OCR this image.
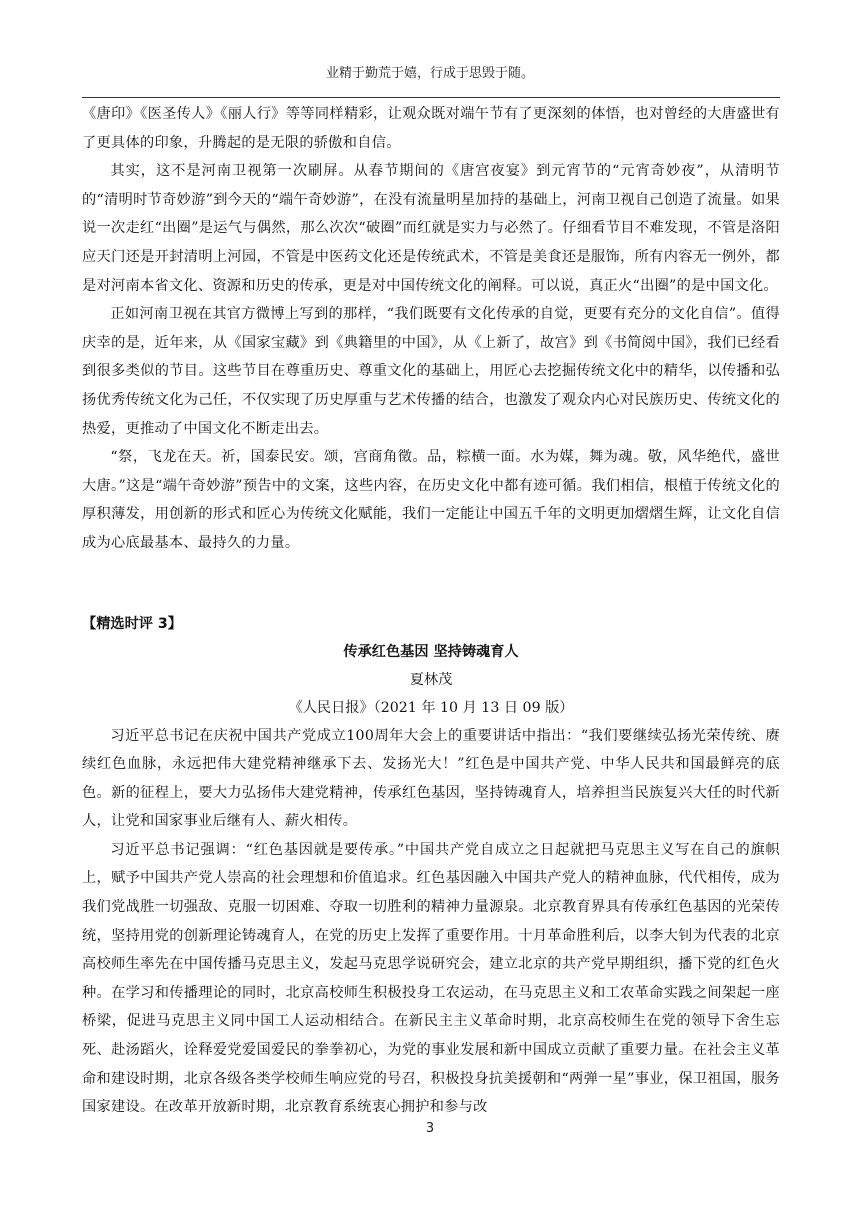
业精于勤荒于嬉，行成于思毁于随。

《唐印》《医圣传人》《丽人行》等等同样精彩，让观众既对端午节有了更深刻的体悟，也对曾经的大唐盛世有了更具体的印象，升腾起的是无限的骄傲和自信。

其实，这不是河南卫视第一次刷屏。从春节期间的《唐宫夜宴》到元宵节的“元宵奇妙夜”，从清明节的“清明时节奇妙游”到今天的“端午奇妙游”，在没有流量明星加持的基础上，河南卫视自己创造了流量。如果说一次走红“出圈”是运气与偶然，那么次次“破圈”而红就是实力与必然了。仔细看节目不难发现，不管是洛阳应天门还是开封清明上河园，不管是中医药文化还是传统武术，不管是美食还是服饰，所有内容无一例外，都是对河南本省文化、资源和历史的传承，更是对中国传统文化的阐释。可以说，真正火“出圈”的是中国文化。

正如河南卫视在其官方微博上写到的那样，“我们既要有文化传承的自觉，更要有充分的文化自信”。值得庆幸的是，近年来，从《国家宝藏》到《典籍里的中国》，从《上新了，故宫》到《书简阅中国》，我们已经看到很多类似的节目。这些节目在尊重历史、尊重文化的基础上，用匠心去挖掘传统文化中的精华，以传播和弘扬优秀传统文化为己任，不仅实现了历史厚重与艺术传播的结合，也激发了观众内心对民族历史、传统文化的热爱，更推动了中国文化不断走出去。

“祭，飞龙在天。祈，国泰民安。颂，宫商角徵。品，粽横一面。水为媒，舞为魂。敬，风华绝代，盛世大唐。”这是“端午奇妙游”预告中的文案，这些内容，在历史文化中都有迹可循。我们相信，根植于传统文化的厚积薄发，用创新的形式和匠心为传统文化赋能，我们一定能让中国五千年的文明更加熠熠生辉，让文化自信成为心底最基本、最持久的力量。

【精选时评 3】

传承红色基因 坚持铸魂育人

夏林茂

《人民日报》（2021 年 10 月 13 日 09 版）

习近平总书记在庆祝中国共产党成立100周年大会上的重要讲话中指出：“我们要继续弘扬光荣传统、赓续红色血脉，永远把伟大建党精神继承下去、发扬光大！”红色是中国共产党、中华人民共和国最鲜亮的底色。新的征程上，要大力弘扬伟大建党精神，传承红色基因，坚持铸魂育人，培养担当民族复兴大任的时代新人，让党和国家事业后继有人、薪火相传。

习近平总书记强调：“红色基因就是要传承。”中国共产党自成立之日起就把马克思主义写在自己的旗帜上，赋予中国共产党人崇高的社会理想和价值追求。红色基因融入中国共产党人的精神血脉，代代相传，成为我们党战胜一切强敌、克服一切困难、夺取一切胜利的精神力量源泉。北京教育界具有传承红色基因的光荣传统，坚持用党的创新理论铸魂育人，在党的历史上发挥了重要作用。十月革命胜利后，以李大钊为代表的北京高校师生率先在中国传播马克思主义，发起马克思学说研究会，建立北京的共产党早期组织，播下党的红色火种。在学习和传播理论的同时，北京高校师生积极投身工农运动，在马克思主义和工农革命实践之间架起一座桥梁，促进马克思主义同中国工人运动相结合。在新民主主义革命时期，北京高校师生在党的领导下舍生忘死、赴汤蹈火，诠释爱党爱国爱民的拳拳初心，为党的事业发展和新中国成立贡献了重要力量。在社会主义革命和建设时期，北京各级各类学校师生响应党的号召，积极投身抗美援朝和“两弹一星”事业，保卫祖国，服务国家建设。在改革开放新时期，北京教育系统衷心拥护和参与改

3
